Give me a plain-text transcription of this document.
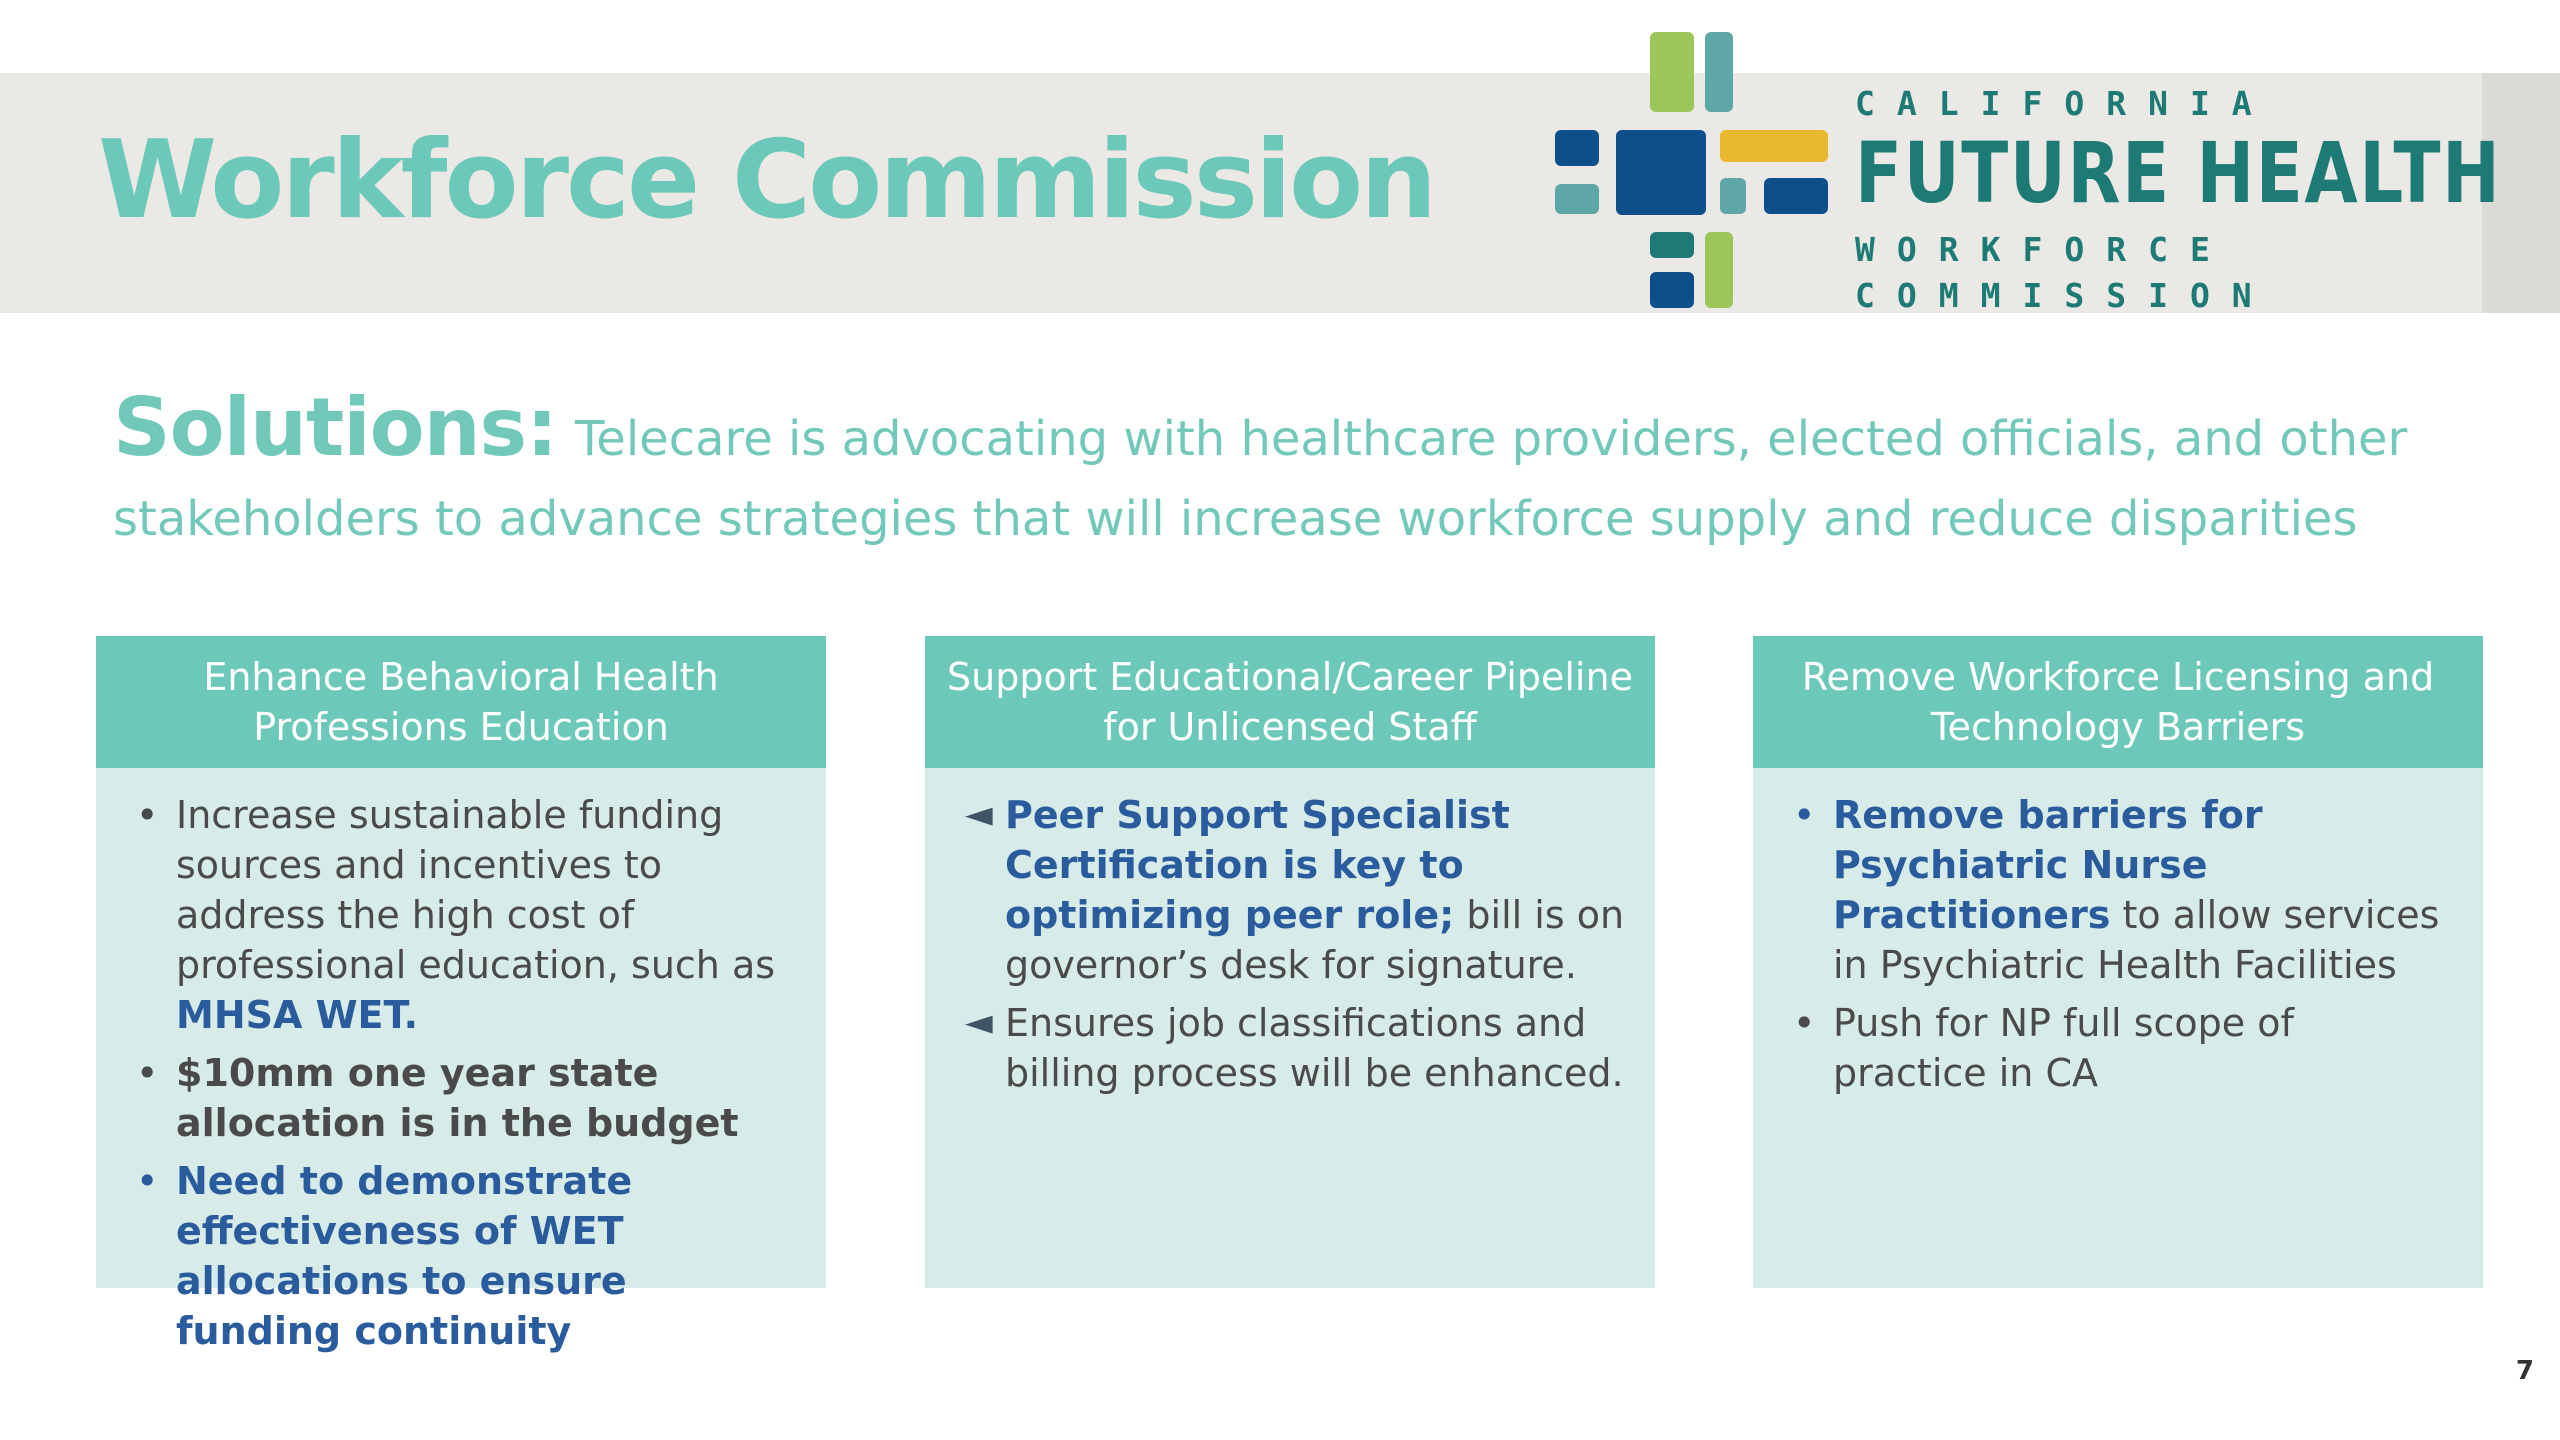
Workforce Commission
CALIFORNIA
FUTURE HEALTH
WORKFORCE
COMMISSION
Solutions: Telecare is advocating with healthcare providers, elected officials, and other stakeholders to advance strategies that will increase workforce supply and reduce disparities
Enhance Behavioral Health Professions Education
•
Increase sustainable funding sources and incentives to address the high cost of professional education, such as MHSA WET.
•
$10mm one year state allocation is in the budget
•
Need to demonstrate effectiveness of WET allocations to ensure funding continuity
Support Educational/Career Pipeline for Unlicensed Staff
◄ Peer Support Specialist Certification is key to optimizing peer role; bill is on governor’s desk for signature.
◄ Ensures job classifications and billing process will be enhanced.
Remove Workforce Licensing and Technology Barriers
•
Remove barriers for Psychiatric Nurse Practitioners to allow services in Psychiatric Health Facilities
•
Push for NP full scope of practice in CA
7
